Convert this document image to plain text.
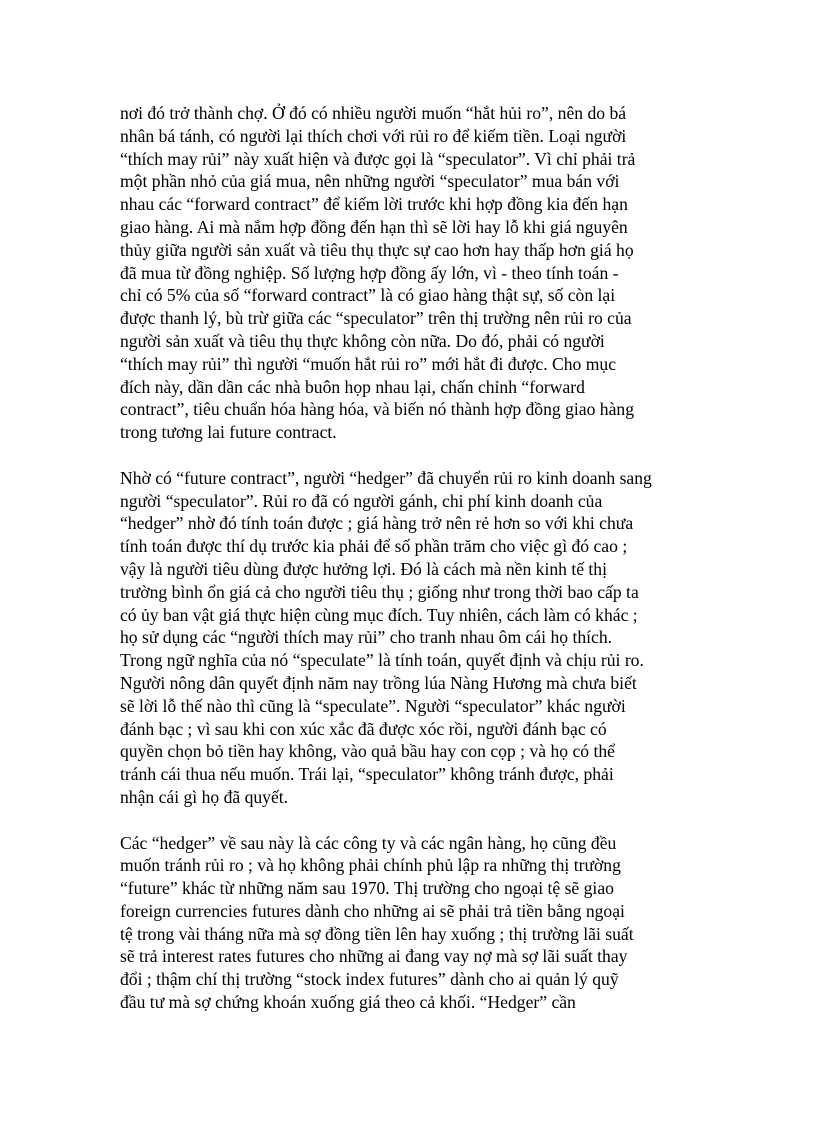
nơi đó trở thành chợ. Ở đó có nhiều người muốn “hắt hủi ro”, nên do bá
nhân bá tánh, có người lại thích chơi với rủi ro để kiếm tiền. Loại người
“thích may rủi” này xuất hiện và được gọi là “speculator”. Vì chỉ phải trả
một phần nhỏ của giá mua, nên những người “speculator” mua bán với
nhau các “forward contract” để kiếm lời trước khi hợp đồng kia đến hạn
giao hàng. Ai mà nắm hợp đồng đến hạn thì sẽ lời hay lỗ khi giá nguyên
thủy giữa người sản xuất và tiêu thụ thực sự cao hơn hay thấp hơn giá họ
đã mua từ đồng nghiệp. Số lượng hợp đồng ấy lớn, vì - theo tính toán -
chỉ có 5% của số “forward contract” là có giao hàng thật sự, số còn lại
được thanh lý, bù trừ giữa các “speculator” trên thị trường nên rủi ro của
người sản xuất và tiêu thụ thực không còn nữa. Do đó, phải có người
“thích may rủi” thì người “muốn hắt rủi ro” mới hắt đi được. Cho mục
đích này, dần dần các nhà buôn họp nhau lại, chấn chỉnh “forward
contract”, tiêu chuẩn hóa hàng hóa, và biến nó thành hợp đồng giao hàng
trong tương lai future contract.
Nhờ có “future contract”, người “hedger” đã chuyển rủi ro kinh doanh sang
người “speculator”. Rủi ro đã có người gánh, chi phí kinh doanh của
“hedger” nhờ đó tính toán được ; giá hàng trở nên rẻ hơn so với khi chưa
tính toán được thí dụ trước kia phải để số phần trăm cho việc gì đó cao ;
vậy là người tiêu dùng được hưởng lợi. Đó là cách mà nền kinh tế thị
trường bình ổn giá cả cho người tiêu thụ ; giống như trong thời bao cấp ta
có ủy ban vật giá thực hiện cùng mục đích. Tuy nhiên, cách làm có khác ;
họ sử dụng các “người thích may rủi” cho tranh nhau ôm cái họ thích.
Trong ngữ nghĩa của nó “speculate” là tính toán, quyết định và chịu rủi ro.
Người nông dân quyết định năm nay trồng lúa Nàng Hương mà chưa biết
sẽ lời lỗ thế nào thì cũng là “speculate”. Người “speculator” khác người
đánh bạc ; vì sau khi con xúc xắc đã được xóc rồi, người đánh bạc có
quyền chọn bỏ tiền hay không, vào quả bầu hay con cọp ; và họ có thể
tránh cái thua nếu muốn. Trái lại, “speculator” không tránh được, phải
nhận cái gì họ đã quyết.
Các “hedger” về sau này là các công ty và các ngân hàng, họ cũng đều
muốn tránh rủi ro ; và họ không phải chính phủ lập ra những thị trường
“future” khác từ những năm sau 1970. Thị trường cho ngoại tệ sẽ giao
foreign currencies futures dành cho những ai sẽ phải trả tiền bằng ngoại
tệ trong vài tháng nữa mà sợ đồng tiền lên hay xuống ; thị trường lãi suất
sẽ trả interest rates futures cho những ai đang vay nợ mà sợ lãi suất thay
đổi ; thậm chí thị trường “stock index futures” dành cho ai quản lý quỹ
đầu tư mà sợ chứng khoán xuống giá theo cả khối. “Hedger” cần
